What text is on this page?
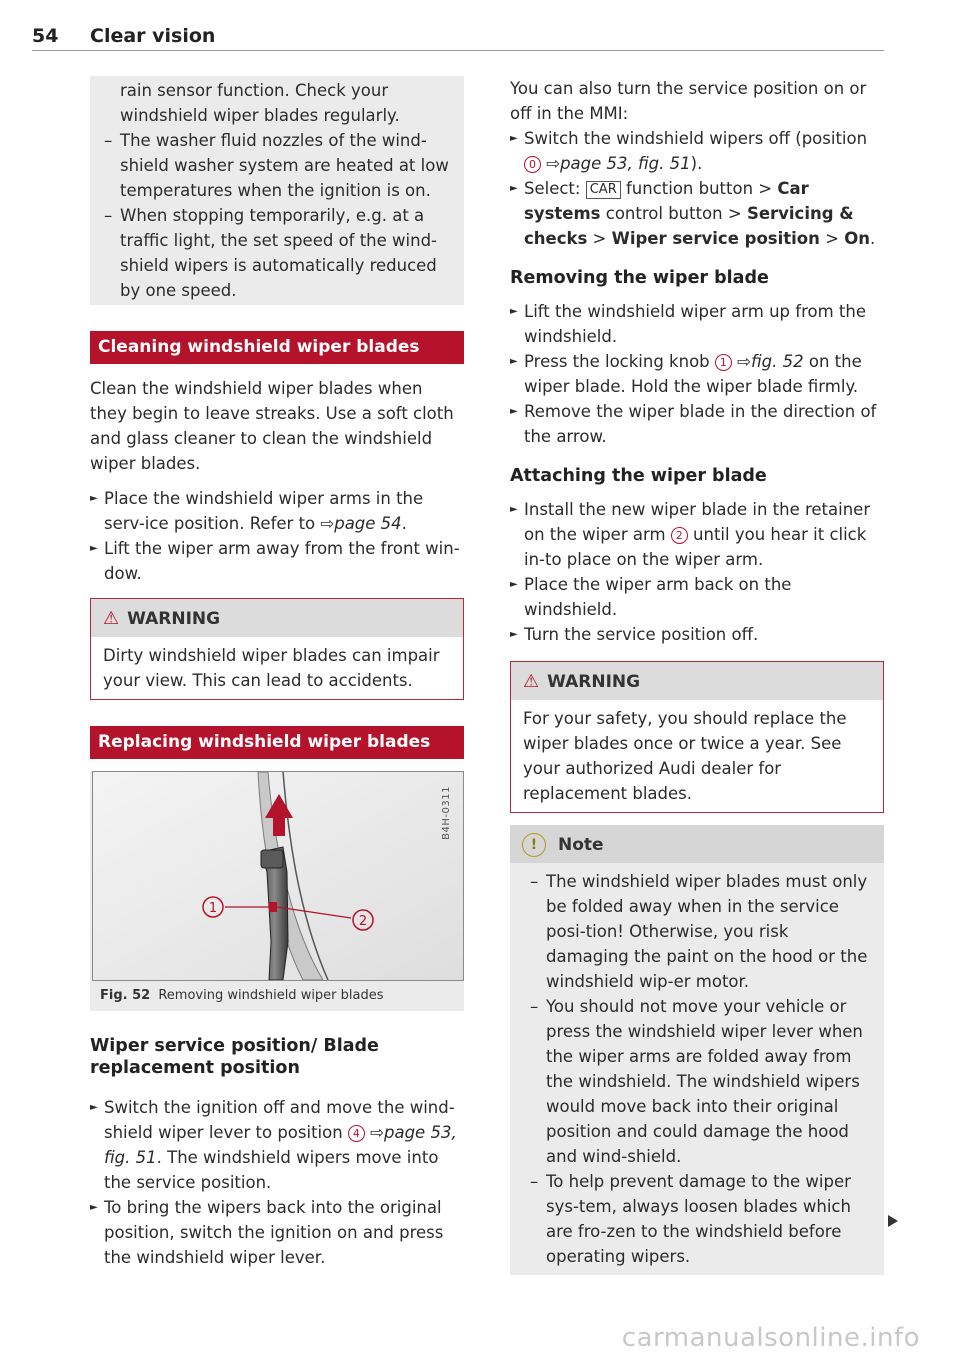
54 Clear vision
rain sensor function. Check your windshield wiper blades regularly.
– The washer fluid nozzles of the wind-shield washer system are heated at low temperatures when the ignition is on.
– When stopping temporarily, e.g. at a traffic light, the set speed of the wind-shield wipers is automatically reduced by one speed.
Cleaning windshield wiper blades

Clean the windshield wiper blades when they begin to leave streaks. Use a soft cloth and glass cleaner to clean the windshield wiper blades.

► Place the windshield wiper arms in the serv-ice position. Refer to ⇨page 54.
► Lift the wiper arm away from the front win-dow.
⚠ WARNING
Dirty windshield wiper blades can impair your view. This can lead to accidents.
Replacing windshield wiper blades
1
2
B4H-0311
Fig. 52 Removing windshield wiper blades
Wiper service position/ Blade replacement position
► Switch the ignition off and move the wind-shield wiper lever to position 4 ⇨page 53, fig. 51. The windshield wipers move into the service position.
► To bring the wipers back into the original position, switch the ignition on and press the windshield wiper lever.

You can also turn the service position on or off in the MMI:

► Switch the windshield wipers off (position 0 ⇨page 53, fig. 51).
► Select: CAR function button > Car systems control button > Servicing & checks > Wiper service position > On.
Removing the wiper blade
► Lift the windshield wiper arm up from the windshield.
► Press the locking knob 1 ⇨fig. 52 on the wiper blade. Hold the wiper blade firmly.
► Remove the wiper blade in the direction of the arrow.
Attaching the wiper blade
► Install the new wiper blade in the retainer on the wiper arm 2 until you hear it click in-to place on the wiper arm.
► Place the wiper arm back on the windshield.
► Turn the service position off.
⚠ WARNING
For your safety, you should replace the wiper blades once or twice a year. See your authorized Audi dealer for replacement blades.
! Note
– The windshield wiper blades must only be folded away when in the service posi-tion! Otherwise, you risk damaging the paint on the hood or the windshield wip-er motor.
– You should not move your vehicle or press the windshield wiper lever when the wiper arms are folded away from the windshield. The windshield wipers would move back into their original position and could damage the hood and wind-shield.
– To help prevent damage to the wiper sys-tem, always loosen blades which are fro-zen to the windshield before operating wipers.
carmanualsonline.info
